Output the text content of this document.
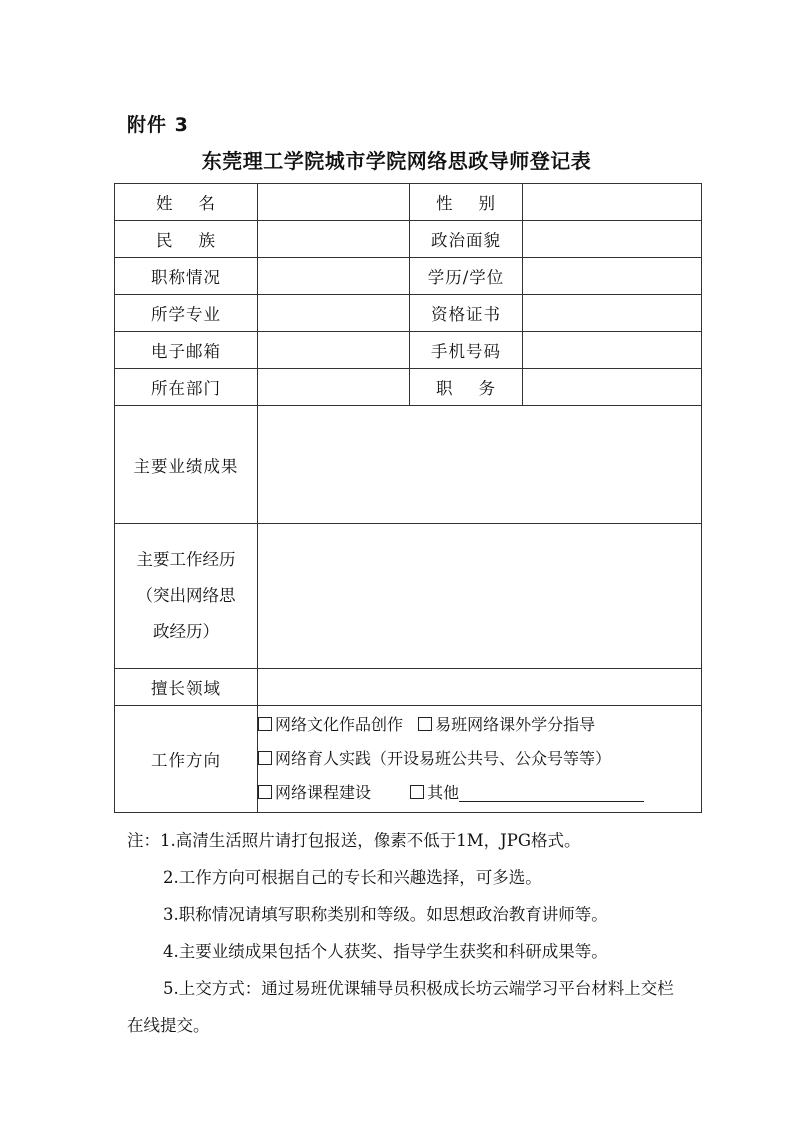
附件 3
东莞理工学院城市学院网络思政导师登记表
姓    名		性    别	
民    族		政治面貌	
职称情况		学历/学位	
所学专业		资格证书	
电子邮箱		手机号码	
所在部门		职    务	
主要业绩成果			

主要工作经历
（突出网络思
政经历）			

擅长领域			
工作方向	网络文化作品创作 易班网络课外学分指导
网络育人实践（开设易班公共号、公众号等等）
网络课程建设 其他		
注：1.高清生活照片请打包报送，像素不低于1M，JPG格式。
2.工作方向可根据自己的专长和兴趣选择，可多选。
3.职称情况请填写职称类别和等级。如思想政治教育讲师等。
4.主要业绩成果包括个人获奖、指导学生获奖和科研成果等。
5.上交方式：通过易班优课辅导员积极成长坊云端学习平台材料上交栏在线提交。
